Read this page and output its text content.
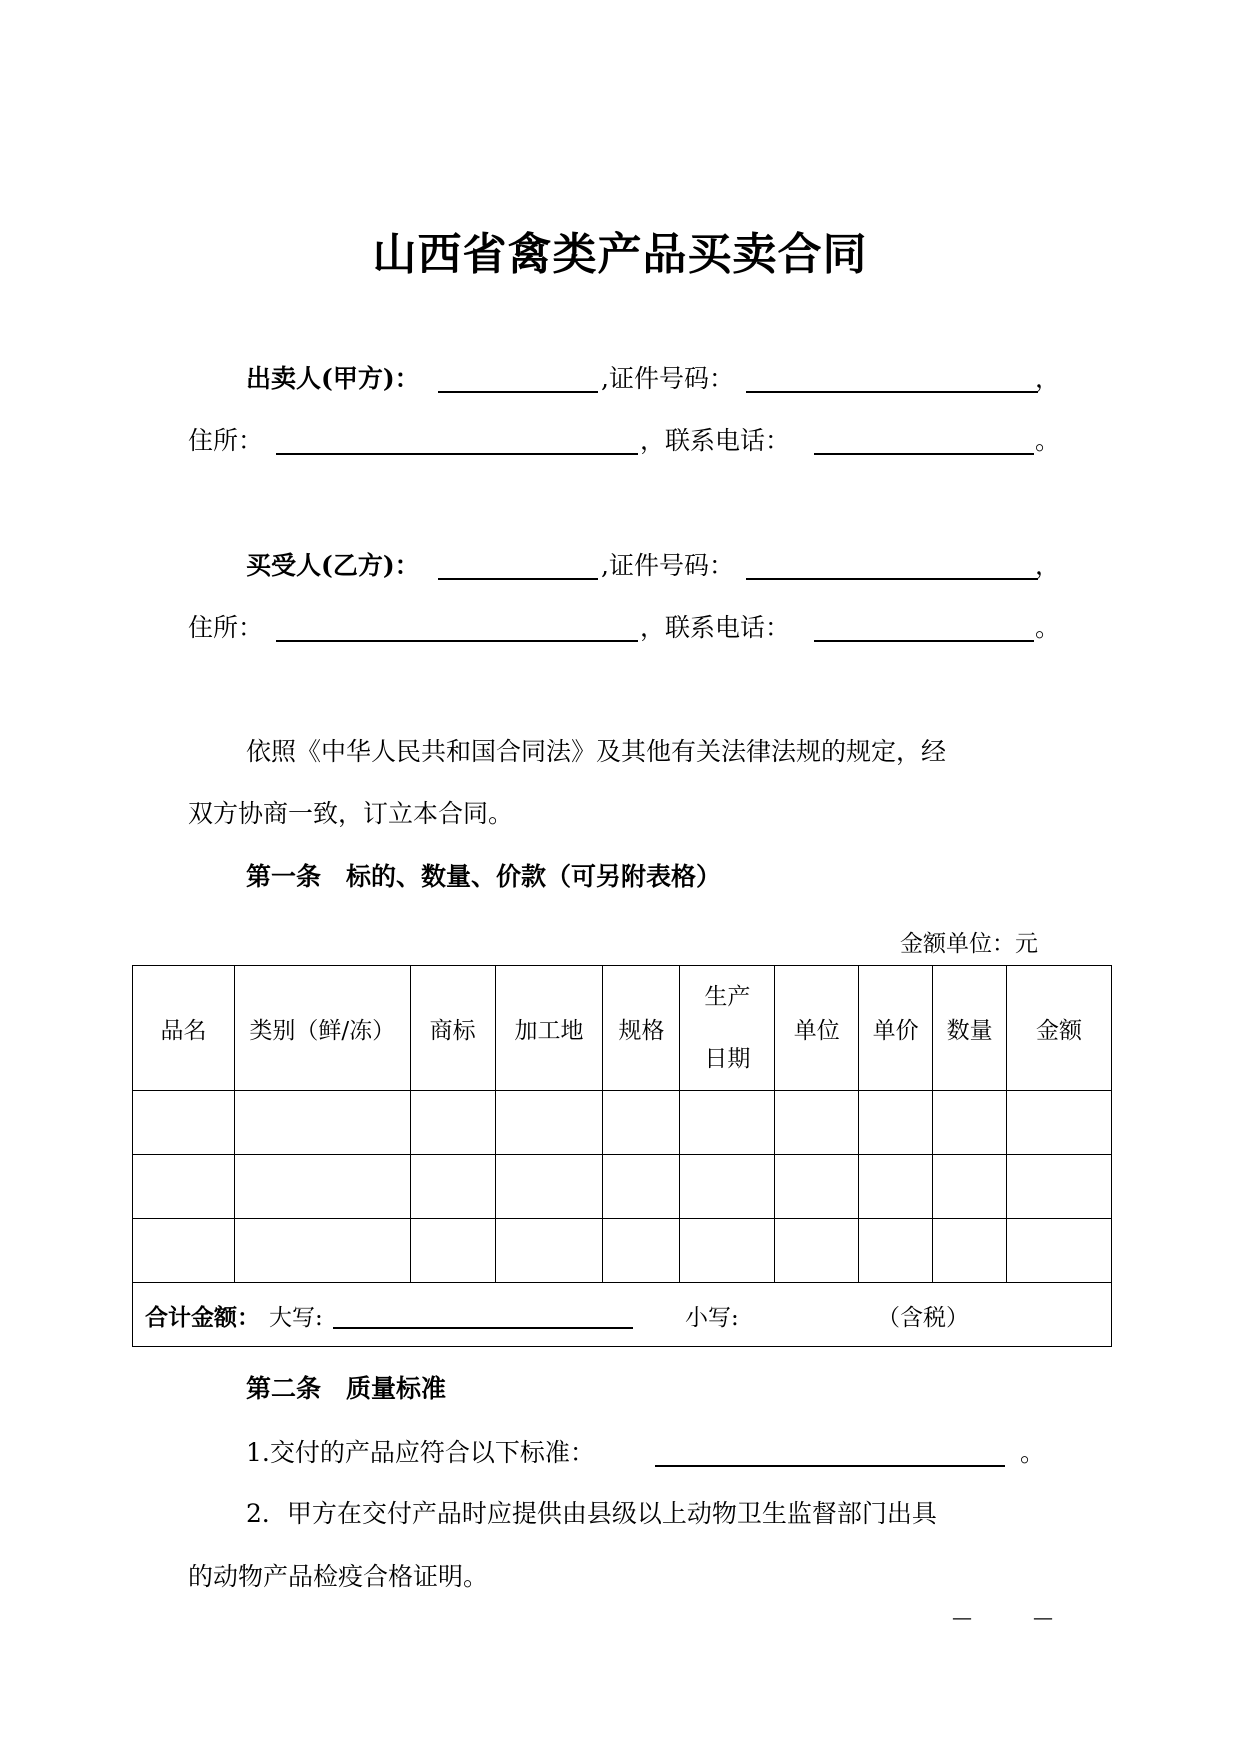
山西省禽类产品买卖合同
出卖人(甲方)：	,证件号码：	，
住所：	，联系电话：	。
买受人(乙方)：	,证件号码：	，
住所：	，联系电话：	。
依照《中华人民共和国合同法》及其他有关法律法规的规定，经
双方协商一致，订立本合同。
第一条　标的、数量、价款（可另附表格）
金额单位：元
品名	类别（鲜/冻）	商标	加工地	规格	生产
日期	单位	单价	数量	金额

合计金额： 大写: 小写: （含税）									
第二条　质量标准
1.交付的产品应符合以下标准：	。
2．甲方在交付产品时应提供由县级以上动物卫生监督部门出具
的动物产品检疫合格证明。
—	—
